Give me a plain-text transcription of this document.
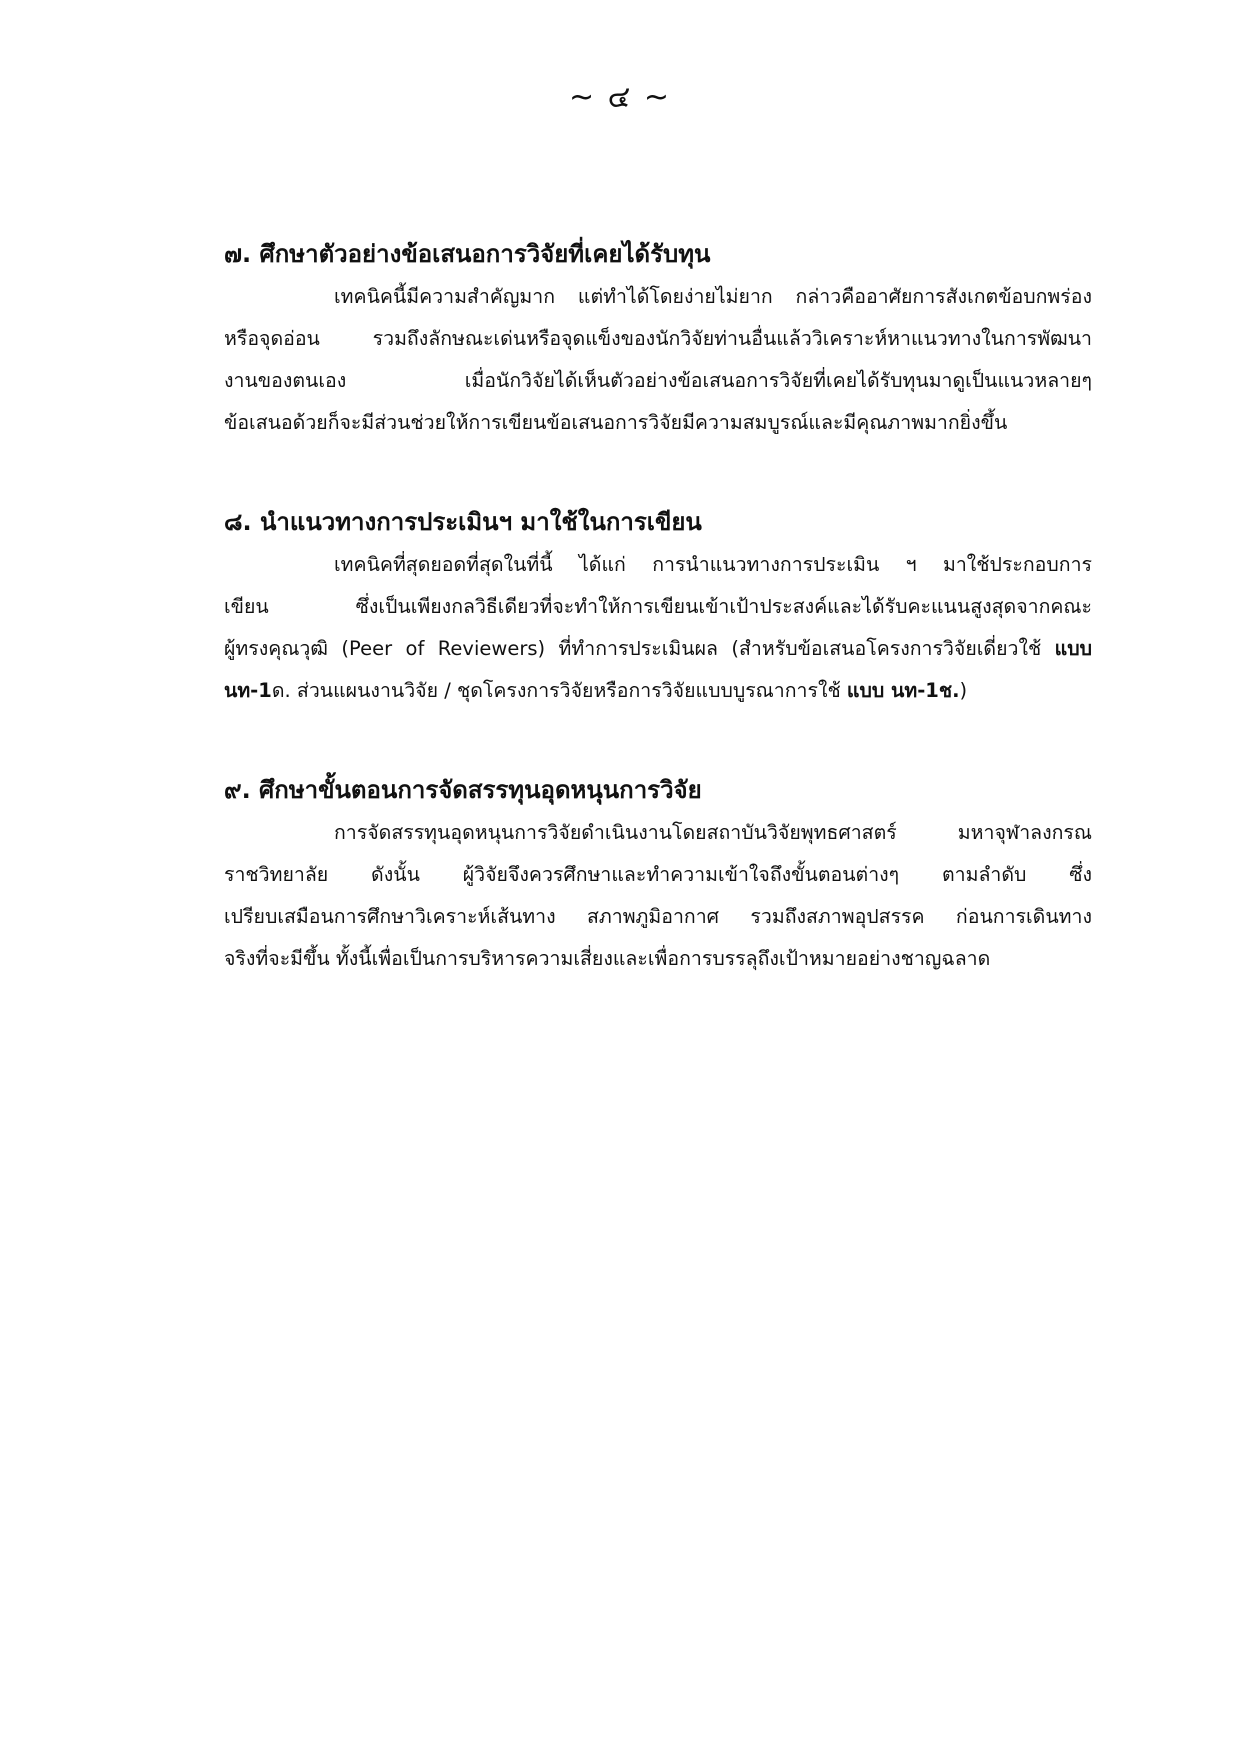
~ ๔ ~
๗. ศึกษาตัวอย่างข้อเสนอการวิจัยที่เคยได้รับทุน
เทคนิคนี้มีความสำคัญมาก แต่ทำได้โดยง่ายไม่ยาก กล่าวคืออาศัยการสังเกตข้อบกพร่อง
หรือจุดอ่อน รวมถึงลักษณะเด่นหรือจุดแข็งของนักวิจัยท่านอื่นแล้ววิเคราะห์หาแนวทางในการพัฒนา
งานของตนเอง เมื่อนักวิจัยได้เห็นตัวอย่างข้อเสนอการวิจัยที่เคยได้รับทุนมาดูเป็นแนวหลายๆ
ข้อเสนอด้วยก็จะมีส่วนช่วยให้การเขียนข้อเสนอการวิจัยมีความสมบูรณ์และมีคุณภาพมากยิ่งขึ้น
๘. นำแนวทางการประเมินฯ มาใช้ในการเขียน
เทคนิคที่สุดยอดที่สุดในที่นี้ ได้แก่ การนำแนวทางการประเมิน ฯ มาใช้ประกอบการ
เขียน ซึ่งเป็นเพียงกลวิธีเดียวที่จะทำให้การเขียนเข้าเป้าประสงค์และได้รับคะแนนสูงสุดจากคณะ
ผู้ทรงคุณวุฒิ (Peer of Reviewers) ที่ทำการประเมินผล (สำหรับข้อเสนอโครงการวิจัยเดี่ยวใช้ แบบ
นท-1ด. ส่วนแผนงานวิจัย / ชุดโครงการวิจัยหรือการวิจัยแบบบูรณาการใช้ แบบ นท-1ช.)
๙. ศึกษาขั้นตอนการจัดสรรทุนอุดหนุนการวิจัย
การจัดสรรทุนอุดหนุนการวิจัยดำเนินงานโดยสถาบันวิจัยพุทธศาสตร์ มหาจุฬาลงกรณ
ราชวิทยาลัย ดังนั้น ผู้วิจัยจึงควรศึกษาและทำความเข้าใจถึงขั้นตอนต่างๆ ตามลำดับ ซึ่ง
เปรียบเสมือนการศึกษาวิเคราะห์เส้นทาง สภาพภูมิอากาศ รวมถึงสภาพอุปสรรค ก่อนการเดินทาง
จริงที่จะมีขึ้น ทั้งนี้เพื่อเป็นการบริหารความเสี่ยงและเพื่อการบรรลุถึงเป้าหมายอย่างชาญฉลาด
